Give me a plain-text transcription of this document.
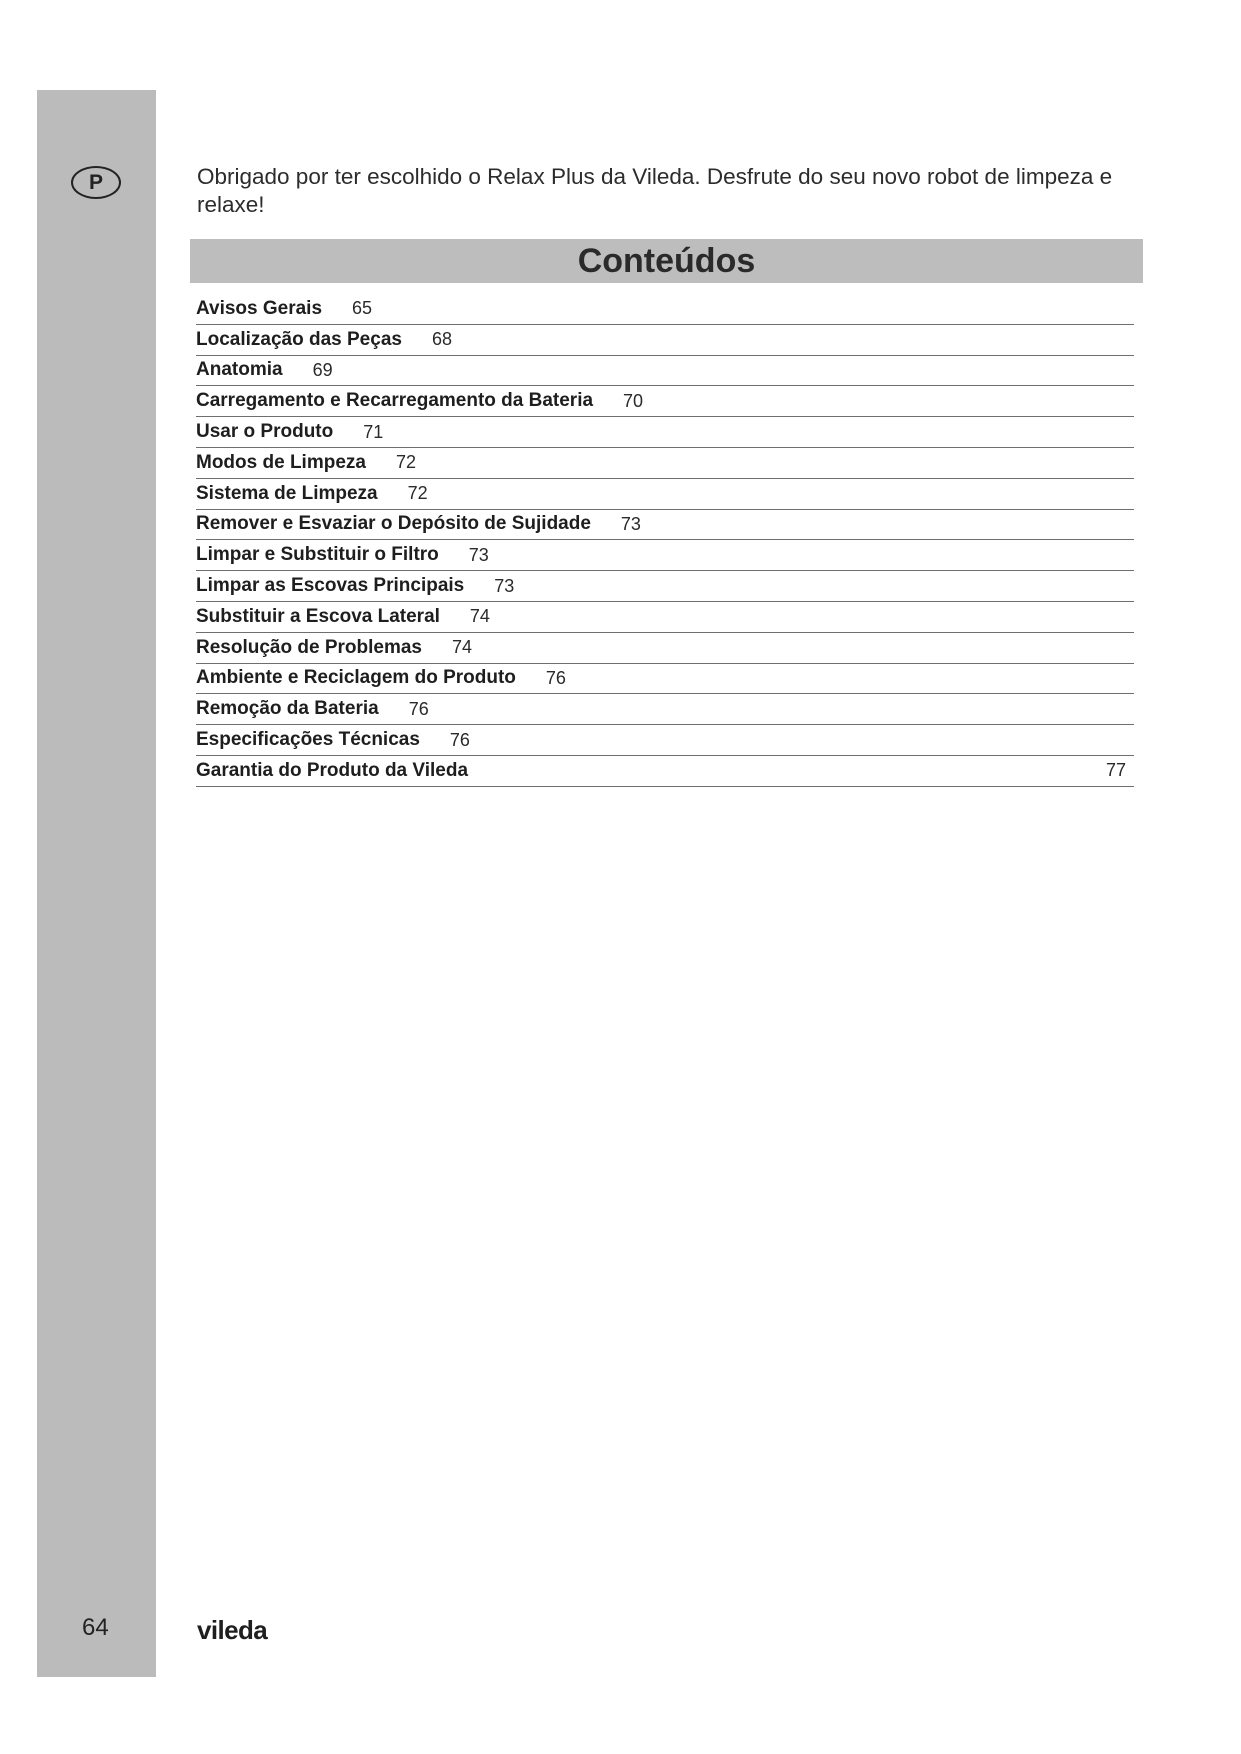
P	Obrigado por ter escolhido o Relax Plus da Vileda. Desfrute do seu novo robot de limpeza e relaxe!

Conteúdos
Avisos Gerais 65
Localização das Peças 68
Anatomia 69
Carregamento e Recarregamento da Bateria 70
Usar o Produto 71
Modos de Limpeza 72
Sistema de Limpeza 72
Remover e Esvaziar o Depósito de Sujidade 73
Limpar e Substituir o Filtro 73
Limpar as Escovas Principais 73
Substituir a Escova Lateral 74
Resolução de Problemas 74
Ambiente e Reciclagem do Produto 76
Remoção da Bateria 76
Especificações Técnicas 76
Garantia do Produto da Vileda	77
64	vileda
